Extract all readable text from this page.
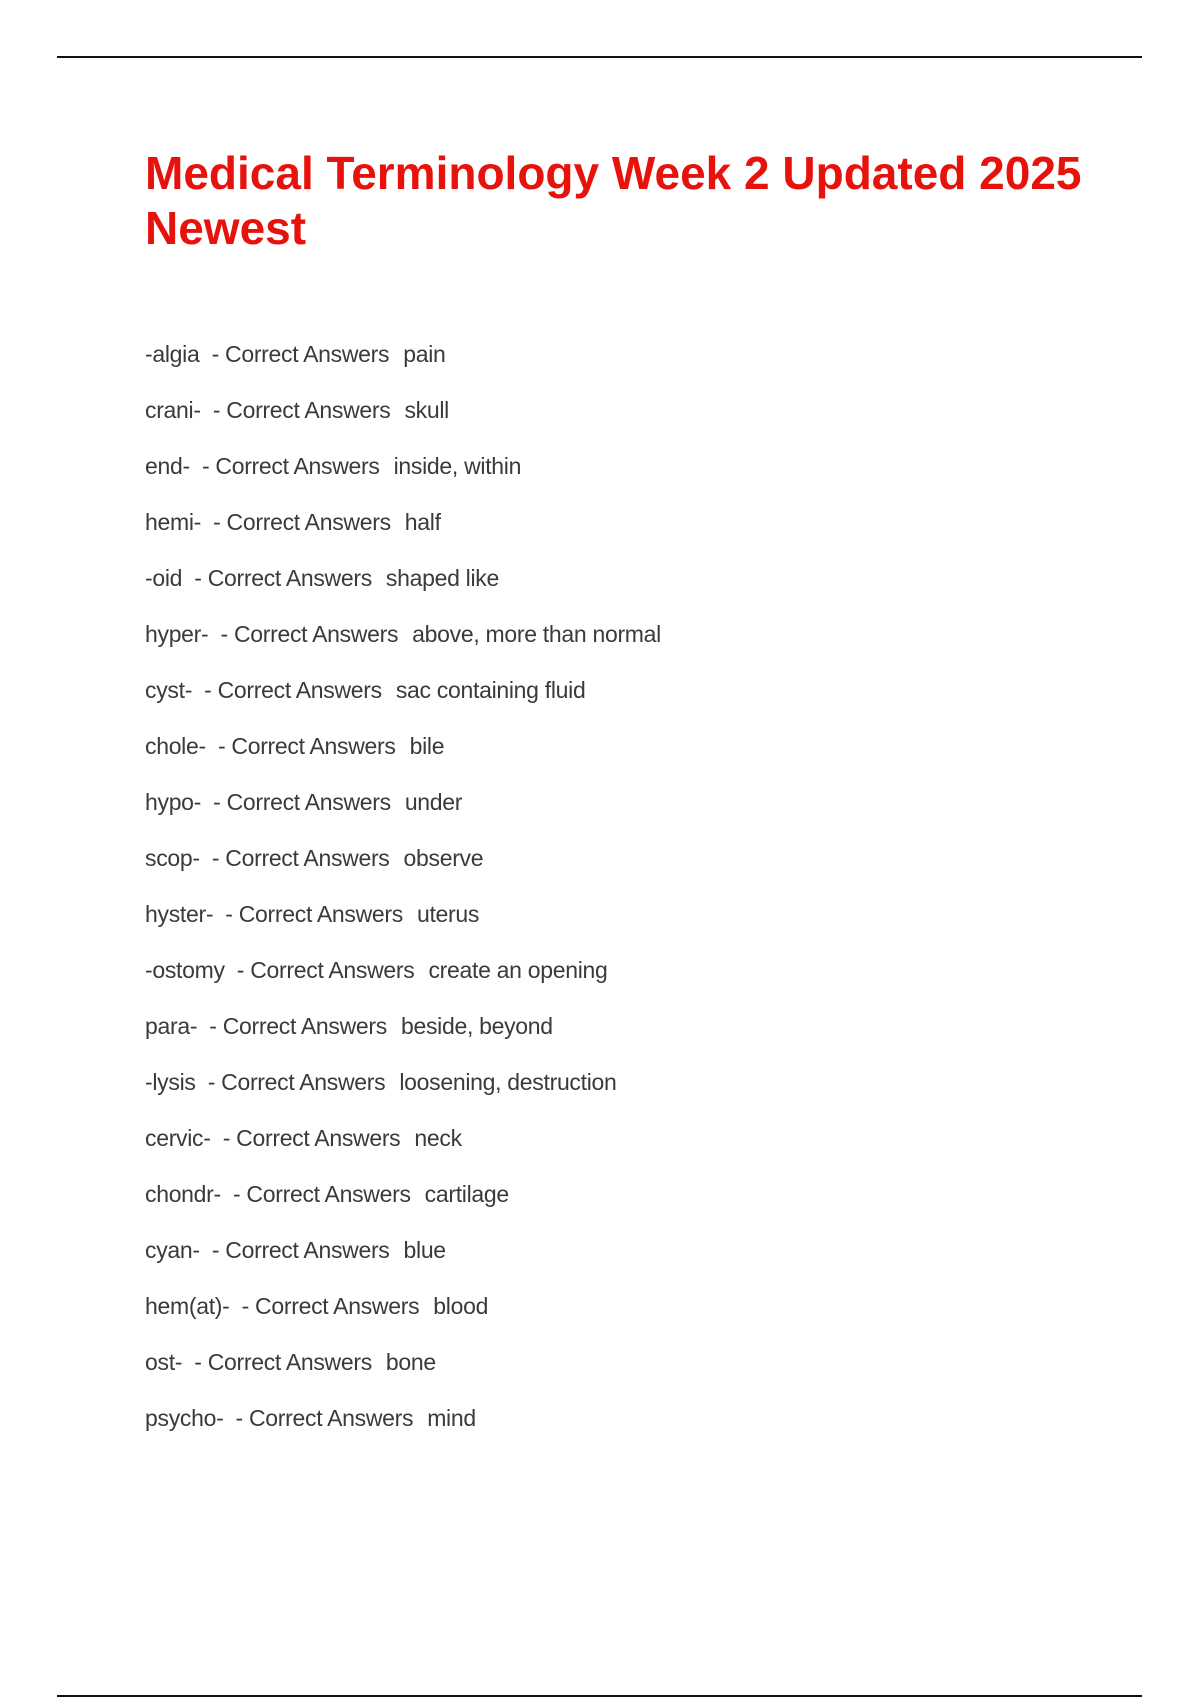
Medical Terminology Week 2 Updated 2025 Newest
-algia - Correct Answers pain
crani- - Correct Answers skull
end- - Correct Answers inside, within
hemi- - Correct Answers half
-oid - Correct Answers shaped like
hyper- - Correct Answers above, more than normal
cyst- - Correct Answers sac containing fluid
chole- - Correct Answers bile
hypo- - Correct Answers under
scop- - Correct Answers observe
hyster- - Correct Answers uterus
-ostomy - Correct Answers create an opening
para- - Correct Answers beside, beyond
-lysis - Correct Answers loosening, destruction
cervic- - Correct Answers neck
chondr- - Correct Answers cartilage
cyan- - Correct Answers blue
hem(at)- - Correct Answers blood
ost- - Correct Answers bone
psycho- - Correct Answers mind
